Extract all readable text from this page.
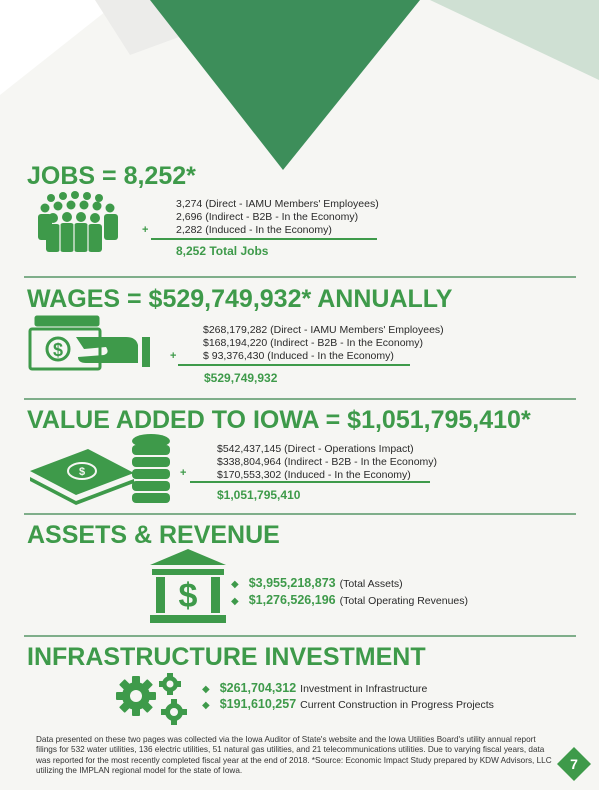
JOBS = 8,252*
3,274 (Direct - IAMU Members' Employees)
2,696 (Indirect - B2B - In the Economy)
2,282 (Induced - In the Economy)
+
8,252 Total Jobs
WAGES = $529,749,932* ANNUALLY
$
$268,179,282 (Direct - IAMU Members' Employees)
$168,194,220 (Indirect - B2B - In the Economy)
$ 93,376,430 (Induced - In the Economy)
+
$529,749,932
VALUE ADDED TO IOWA = $1,051,795,410*
$
$542,437,145 (Direct - Operations Impact)
$338,804,964 (Indirect - B2B - In the Economy)
$170,553,302 (Induced - In the Economy)
+
$1,051,795,410
ASSETS & REVENUE
$	◆ $3,955,218,873 (Total Assets)
◆ $1,276,526,196 (Total Operating Revenues)
INFRASTRUCTURE INVESTMENT
◆ $261,704,312 Investment in Infrastructure
◆ $191,610,257 Current Construction in Progress Projects
Data presented on these two pages was collected via the Iowa Auditor of State's website and the Iowa Utilities Board's utility annual report filings for 532 water utilities, 136 electric utilities, 51 natural gas utilities, and 21 telecommunications utilities. Due to varying fiscal years, data was reported for the most recently completed fiscal year at the end of 2018. *Source: Economic Impact Study prepared by KDW Advisors, LLC utilizing the IMPLAN regional model for the state of Iowa.	7
